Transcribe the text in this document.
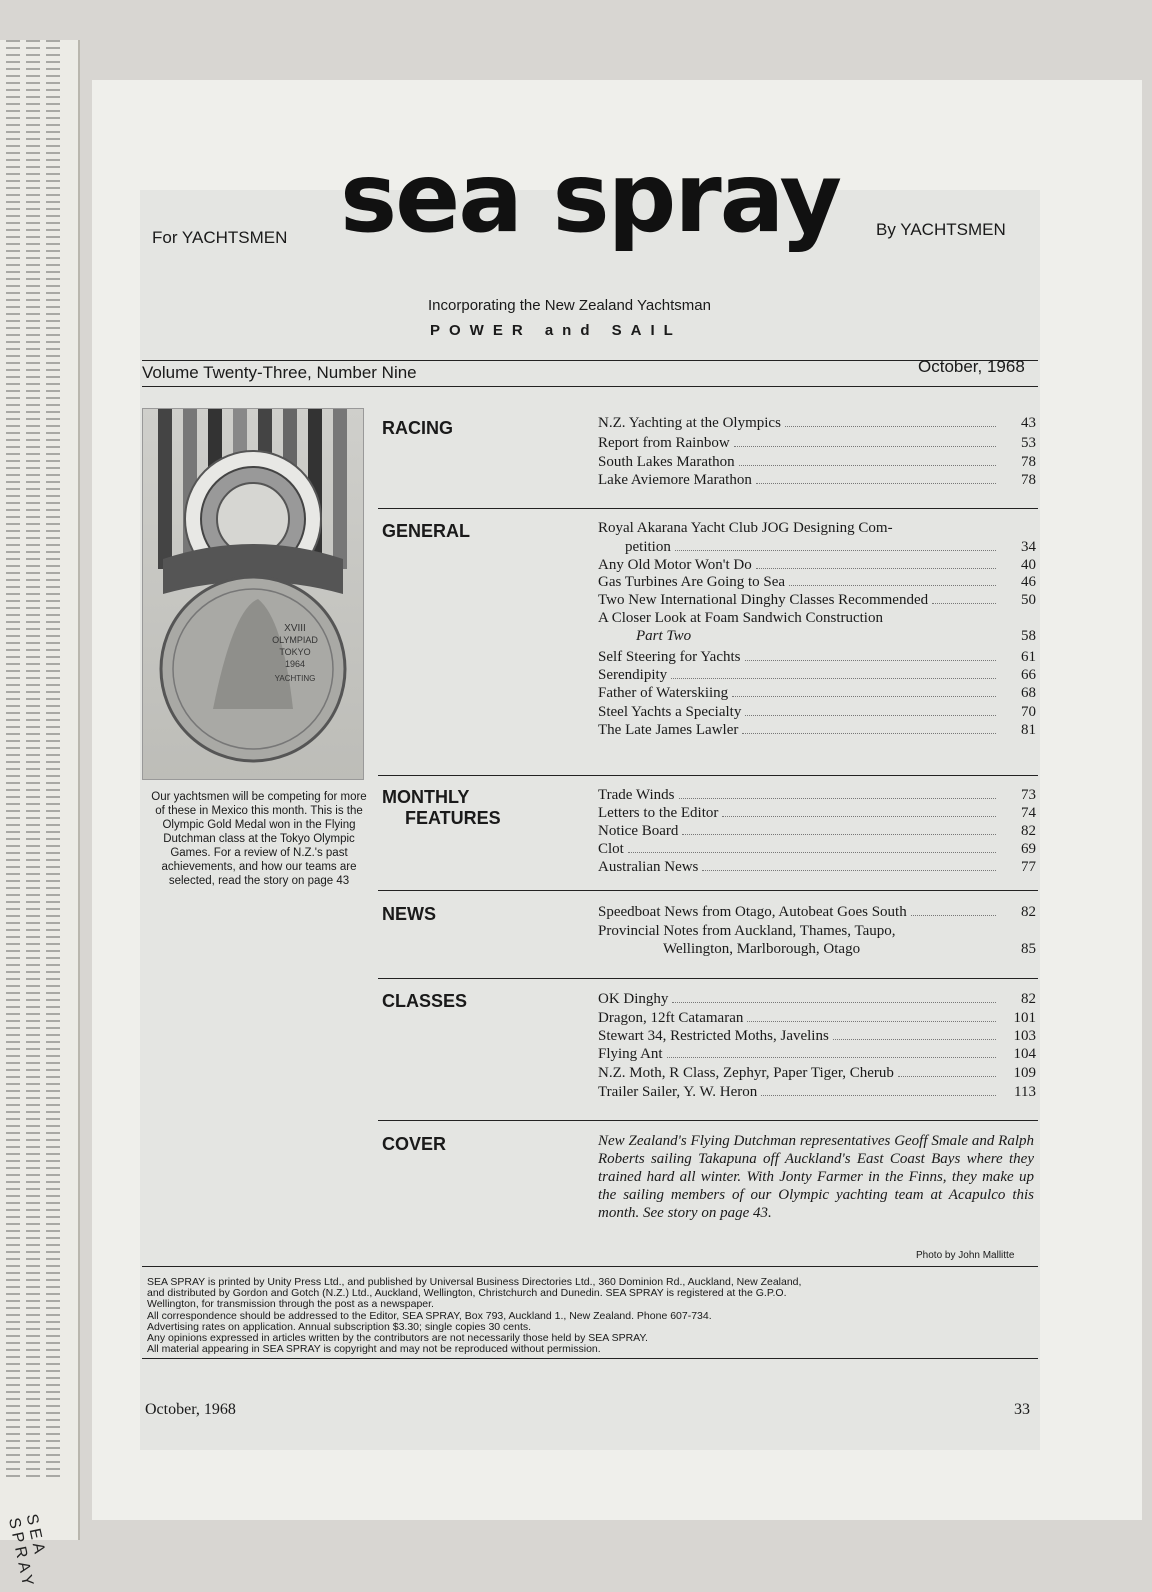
SEA SPRAY
For YACHTSMEN sea spray By YACHTSMEN
Incorporating the New Zealand Yachtsman
POWER and SAIL
Volume Twenty-Three, Number Nine	October, 1968
XVIII
OLYMPIAD
TOKYO
1964
YACHTING
Our yachtsmen will be competing for more of these in Mexico this month. This is the Olympic Gold Medal won in the Flying Dutchman class at the Tokyo Olympic Games. For a review of N.Z.'s past achievements, and how our teams are selected, read the story on page 43
RACING	N.Z. Yachting at the Olympics	43
Report from Rainbow	53
South Lakes Marathon	78
Lake Aviemore Marathon	78
GENERAL	Royal Akarana Yacht Club JOG Designing Com-
petition	34
Any Old Motor Won't Do	40
Gas Turbines Are Going to Sea	46
Two New International Dinghy Classes Recommended	50
A Closer Look at Foam Sandwich Construction
Part Two	58
Self Steering for Yachts	61
Serendipity	66
Father of Waterskiing	68
Steel Yachts a Specialty	70
The Late James Lawler	81
MONTHLY
FEATURES
Trade Winds	73
Letters to the Editor	74
Notice Board	82
Clot	69
Australian News	77
NEWS	Speedboat News from Otago, Autobeat Goes South	82
Provincial Notes from Auckland, Thames, Taupo,
Wellington, Marlborough, Otago	85
CLASSES	OK Dinghy	82
Dragon, 12ft Catamaran	101
Stewart 34, Restricted Moths, Javelins	103
Flying Ant	104
N.Z. Moth, R Class, Zephyr, Paper Tiger, Cherub	109
Trailer Sailer, Y. W. Heron	113
COVER	New Zealand's Flying Dutchman representatives Geoff Smale and Ralph Roberts sailing Takapuna off Auckland's East Coast Bays where they trained hard all winter. With Jonty Farmer in the Finns, they make up the sailing members of our Olympic yachting team at Acapulco this month. See story on page 43.
Photo by John Mallitte
SEA SPRAY is printed by Unity Press Ltd., and published by Universal Business Directories Ltd., 360 Dominion Rd., Auckland, New Zealand,
and distributed by Gordon and Gotch (N.Z.) Ltd., Auckland, Wellington, Christchurch and Dunedin. SEA SPRAY is registered at the G.P.O.
Wellington, for transmission through the post as a newspaper.
All correspondence should be addressed to the Editor, SEA SPRAY, Box 793, Auckland 1., New Zealand. Phone 607-734.
Advertising rates on application. Annual subscription $3.30; single copies 30 cents.
Any opinions expressed in articles written by the contributors are not necessarily those held by SEA SPRAY.
All material appearing in SEA SPRAY is copyright and may not be reproduced without permission.
October, 1968	33
